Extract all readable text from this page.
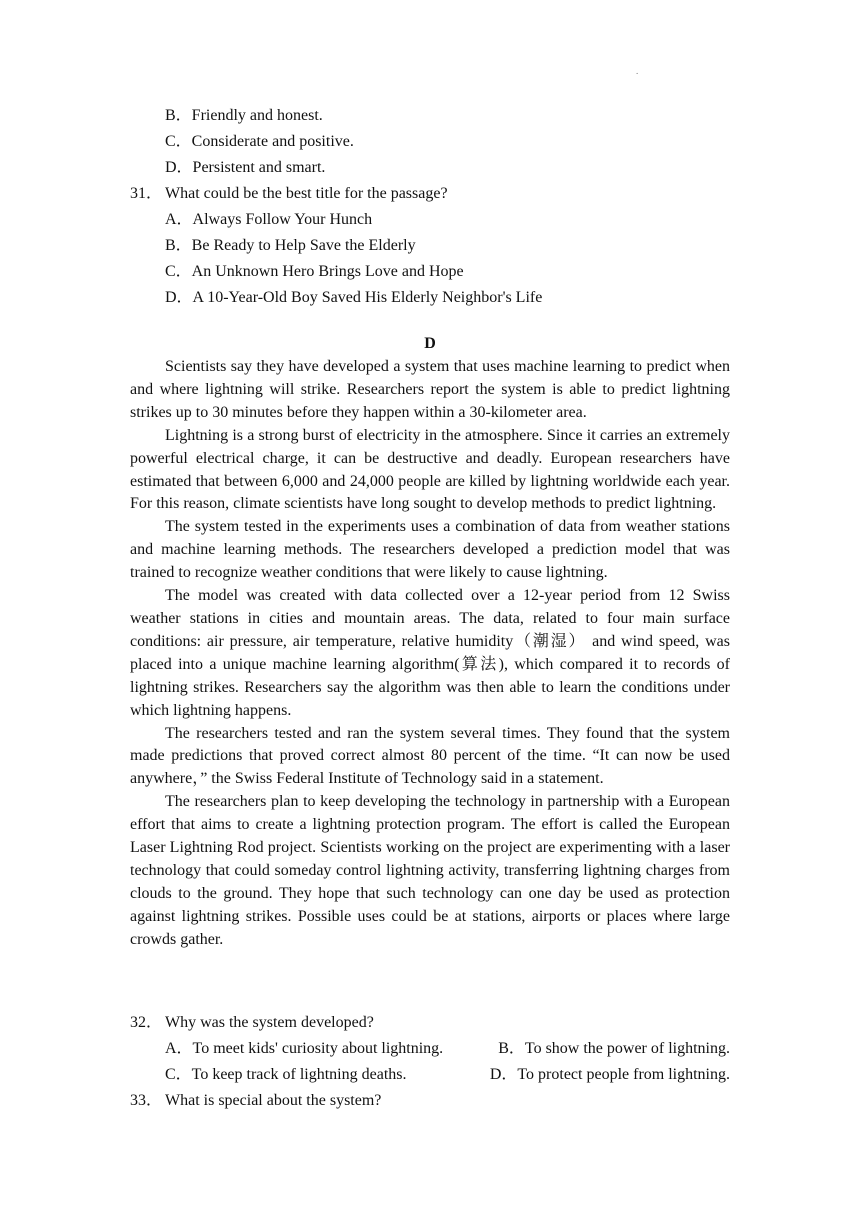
.
B．Friendly and honest.
C．Considerate and positive.
D．Persistent and smart.
31． What could be the best title for the passage?
A．Always Follow Your Hunch
B．Be Ready to Help Save the Elderly
C．An Unknown Hero Brings Love and Hope
D．A 10-Year-Old Boy Saved His Elderly Neighbor's Life
D

Scientists say they have developed a system that uses machine learning to predict when and where lightning will strike. Researchers report the system is able to predict lightning strikes up to 30 minutes before they happen within a 30-kilometer area.

Lightning is a strong burst of electricity in the atmosphere. Since it carries an extremely powerful electrical charge, it can be destructive and deadly. European researchers have estimated that between 6,000 and 24,000 people are killed by lightning worldwide each year. For this reason, climate scientists have long sought to develop methods to predict lightning.

The system tested in the experiments uses a combination of data from weather stations and machine learning methods. The researchers developed a prediction model that was trained to recognize weather conditions that were likely to cause lightning.

The model was created with data collected over a 12-year period from 12 Swiss weather stations in cities and mountain areas. The data, related to four main surface conditions: air pressure, air temperature, relative humidity（潮湿） and wind speed, was placed into a unique machine learning algorithm(算法), which compared it to records of lightning strikes. Researchers say the algorithm was then able to learn the conditions under which lightning happens.

The researchers tested and ran the system several times. They found that the system made predictions that proved correct almost 80 percent of the time. “It can now be used anywhere，” the Swiss Federal Institute of Technology said in a statement.

The researchers plan to keep developing the technology in partnership with a European effort that aims to create a lightning protection program. The effort is called the European Laser Lightning Rod project. Scientists working on the project are experimenting with a laser technology that could someday control lightning activity, transferring lightning charges from clouds to the ground. They hope that such technology can one day be used as protection against lightning strikes. Possible uses could be at stations, airports or places where large crowds gather.

32． Why was the system developed?
A．To meet kids' curiosity about lightning.	B．To show the power of lightning.
C．To keep track of lightning deaths.	D．To protect people from lightning.
33． What is special about the system?
